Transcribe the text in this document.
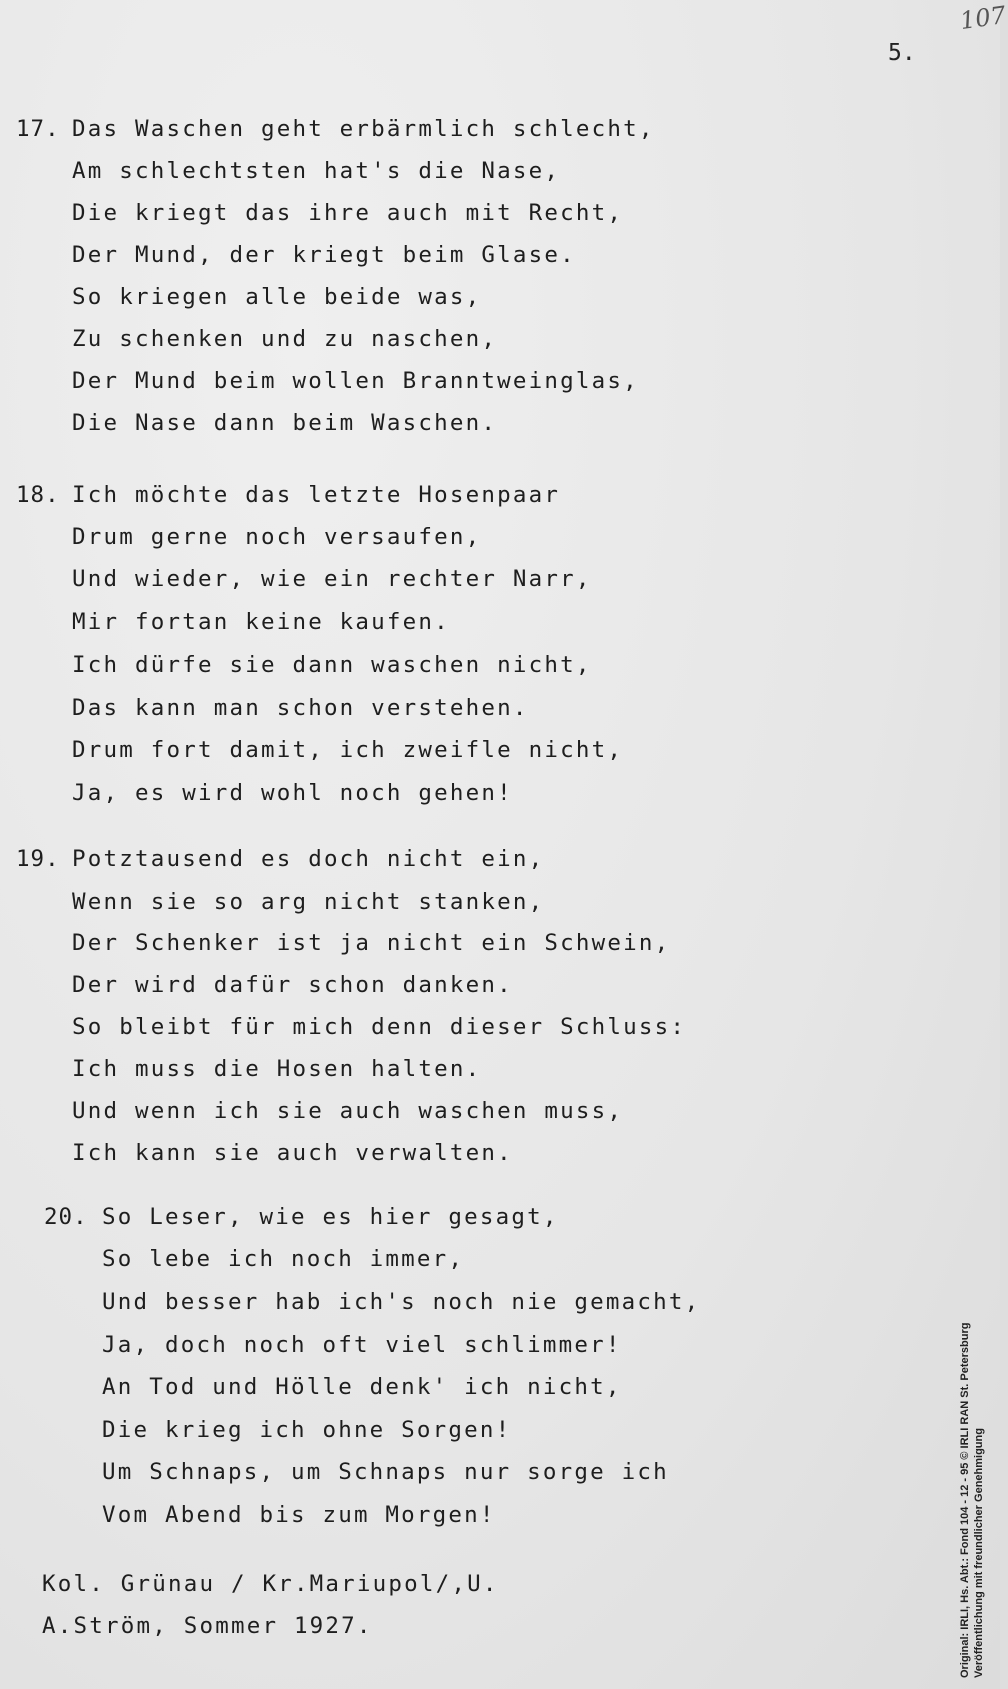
107
5.
17. Das Waschen geht erbärmlich schlecht,
Am schlechtsten hat's die Nase,
Die kriegt das ihre auch mit Recht,
Der Mund, der kriegt beim Glase.
So kriegen alle beide was,
Zu schenken und zu naschen,
Der Mund beim wollen Branntweinglas,
Die Nase dann beim Waschen.
18. Ich möchte das letzte Hosenpaar
Drum gerne noch versaufen,
Und wieder, wie ein rechter Narr,
Mir fortan keine kaufen.
Ich dürfe sie dann waschen nicht,
Das kann man schon verstehen.
Drum fort damit, ich zweifle nicht,
Ja, es wird wohl noch gehen!
19. Potztausend es doch nicht ein,
Wenn sie so arg nicht stanken,
Der Schenker ist ja nicht ein Schwein,
Der wird dafür schon danken.
So bleibt für mich denn dieser Schluss:
Ich muss die Hosen halten.
Und wenn ich sie auch waschen muss,
Ich kann sie auch verwalten.
20. So Leser, wie es hier gesagt,
So lebe ich noch immer,
Und besser hab ich's noch nie gemacht,
Ja, doch noch oft viel schlimmer!
An Tod und Hölle denk' ich nicht,
Die krieg ich ohne Sorgen!
Um Schnaps, um Schnaps nur sorge ich
Vom Abend bis zum Morgen!
Kol. Grünau / Kr.Mariupol/,U.
A.Ström, Sommer 1927.	Original: IRLI, Hs. Abt.: Fond 104 - 12 - 95 © IRLI RAN St. Petersburg Veröffentlichung mit freundlicher Genehmigung
